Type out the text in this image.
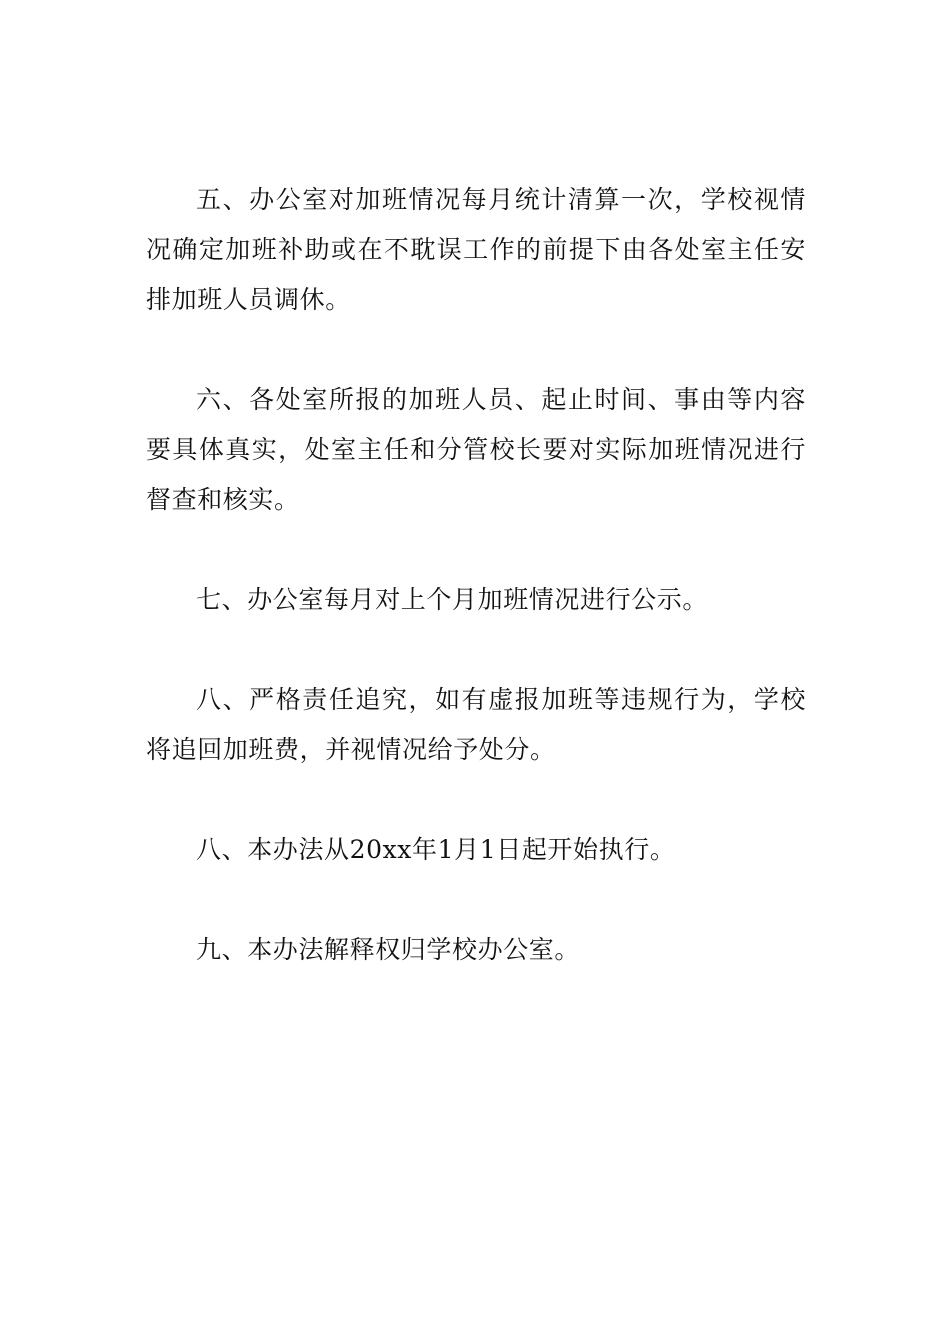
五、办公室对加班情况每月统计清算一次，学校视情况确定加班补助或在不耽误工作的前提下由各处室主任安排加班人员调休。

六、各处室所报的加班人员、起止时间、事由等内容要具体真实，处室主任和分管校长要对实际加班情况进行督查和核实。

七、办公室每月对上个月加班情况进行公示。

八、严格责任追究，如有虚报加班等违规行为，学校将追回加班费，并视情况给予处分。

八、本办法从20xx年1月1日起开始执行。

九、本办法解释权归学校办公室。
